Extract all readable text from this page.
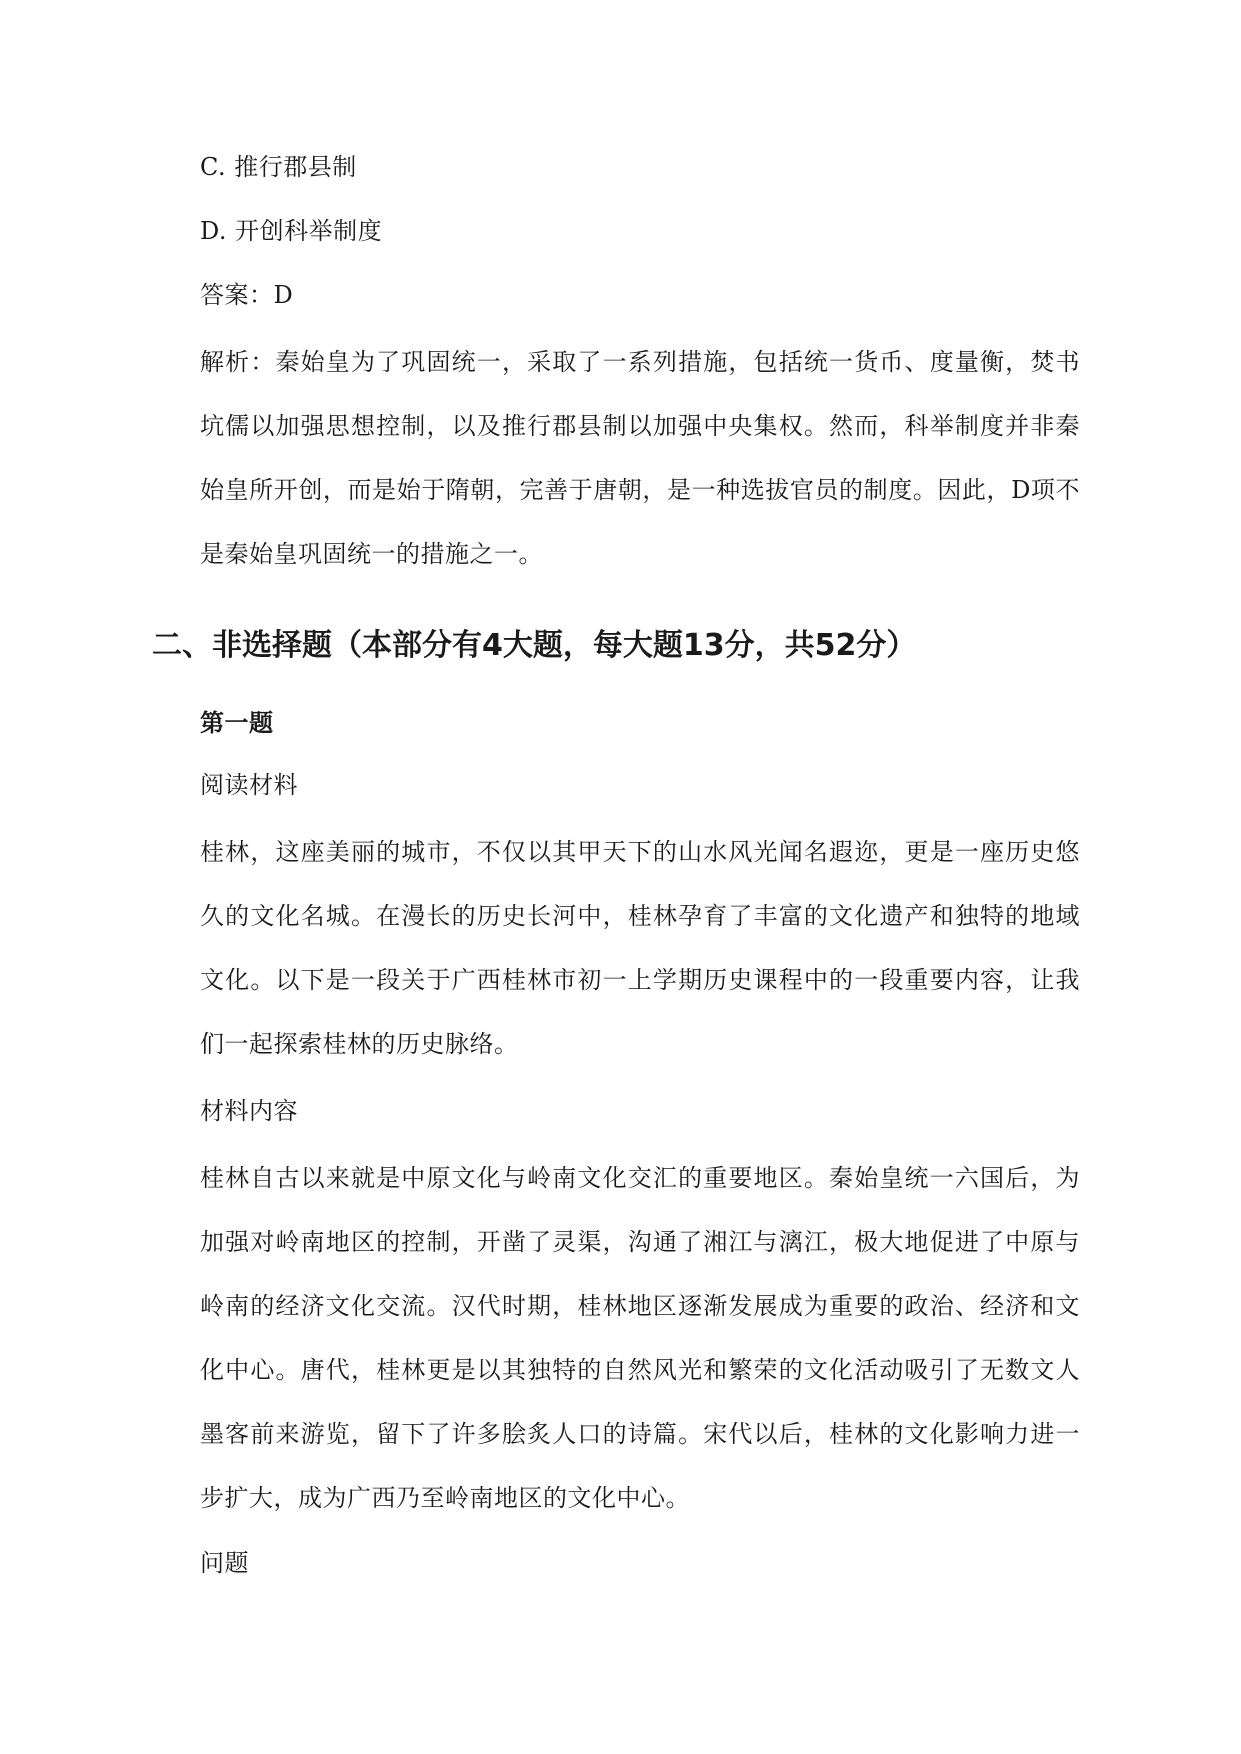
C. 推行郡县制

D. 开创科举制度

答案：D

解析：秦始皇为了巩固统一，采取了一系列措施，包括统一货币、度量衡，焚书坑儒以加强思想控制，以及推行郡县制以加强中央集权。然而，科举制度并非秦始皇所开创，而是始于隋朝，完善于唐朝，是一种选拔官员的制度。因此，D项不是秦始皇巩固统一的措施之一。

二、非选择题（本部分有4大题，每大题13分，共52分）

第一题

阅读材料

桂林，这座美丽的城市，不仅以其甲天下的山水风光闻名遐迩，更是一座历史悠久的文化名城。在漫长的历史长河中，桂林孕育了丰富的文化遗产和独特的地域文化。以下是一段关于广西桂林市初一上学期历史课程中的一段重要内容，让我们一起探索桂林的历史脉络。

材料内容

桂林自古以来就是中原文化与岭南文化交汇的重要地区。秦始皇统一六国后，为加强对岭南地区的控制，开凿了灵渠，沟通了湘江与漓江，极大地促进了中原与岭南的经济文化交流。汉代时期，桂林地区逐渐发展成为重要的政治、经济和文化中心。唐代，桂林更是以其独特的自然风光和繁荣的文化活动吸引了无数文人墨客前来游览，留下了许多脍炙人口的诗篇。宋代以后，桂林的文化影响力进一步扩大，成为广西乃至岭南地区的文化中心。

问题
